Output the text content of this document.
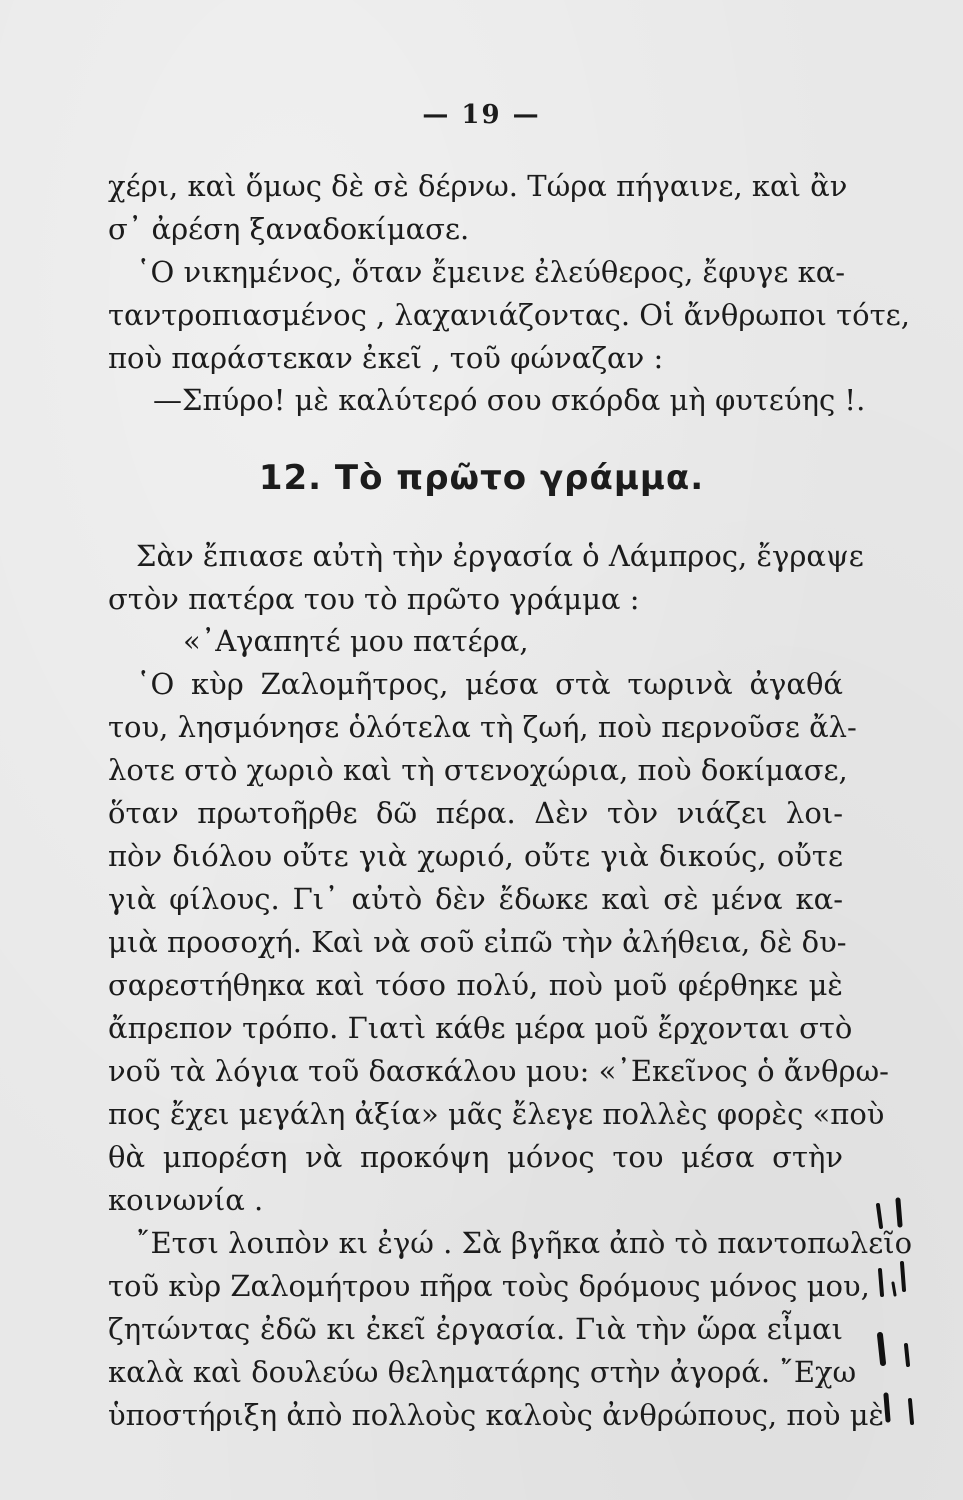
— 19 —
χέρι, καὶ ὅμως δὲ σὲ δέρνω. Τώρα πήγαινε, καὶ ἂν
σ᾽ ἀρέση ξαναδοκίμασε.
῾Ο νικημένος, ὅταν ἔμεινε ἐλεύθερος, ἔφυγε κα-
ταντροπιασμένος , λαχανιάζοντας. Οἱ ἄνθρωποι τότε,
ποὺ παράστεκαν ἐκεῖ , τοῦ φώναζαν :
—Σπύρο! μὲ καλύτερό σου σκόρδα μὴ φυτεύης !.
12. Τὸ πρῶτο γράμμα.
Σὰν ἔπιασε αὐτὴ τὴν ἐργασία ὁ Λάμπρος, ἔγραψε
στὸν πατέρα του τὸ πρῶτο γράμμα :
«᾽Αγαπητέ μου πατέρα,
῾Ο κὺρ Ζαλομῆτρος, μέσα στὰ τωρινὰ ἀγαθά
του, λησμόνησε ὁλότελα τὴ ζωή, ποὺ περνοῦσε ἄλ-
λοτε στὸ χωριὸ καὶ τὴ στενοχώρια, ποὺ δοκίμασε,
ὅταν πρωτοῆρθε δῶ πέρα. Δὲν τὸν νιάζει λοι-
πὸν διόλου οὔτε γιὰ χωριό, οὔτε γιὰ δικούς, οὔτε
γιὰ φίλους. Γι᾽ αὐτὸ δὲν ἔδωκε καὶ σὲ μένα κα-
μιὰ προσοχή. Καὶ νὰ σοῦ εἰπῶ τὴν ἀλήθεια, δὲ δυ-
σαρεστήθηκα καὶ τόσο πολύ, ποὺ μοῦ φέρθηκε μὲ
ἄπρεπον τρόπο. Γιατὶ κάθε μέρα μοῦ ἔρχονται στὸ
νοῦ τὰ λόγια τοῦ δασκάλου μου: «᾽Εκεῖνος ὁ ἄνθρω-
πος ἔχει μεγάλη ἀξία» μᾶς ἔλεγε πολλὲς φορὲς «ποὺ
θὰ μπορέση νὰ προκόψη μόνος του μέσα στὴν
κοινωνία .
῎Ετσι λοιπὸν κι ἐγώ . Σὰ βγῆκα ἀπὸ τὸ παντοπωλεῖο
τοῦ κὺρ Ζαλομήτρου πῆρα τοὺς δρόμους μόνος μου,
ζητώντας ἐδῶ κι ἐκεῖ ἐργασία. Γιὰ τὴν ὥρα εἶμαι
καλὰ καὶ δουλεύω θεληματάρης στὴν ἀγορά. ῎Εχω
ὑποστήριξη ἀπὸ πολλοὺς καλοὺς ἀνθρώπους, ποὺ μὲ
